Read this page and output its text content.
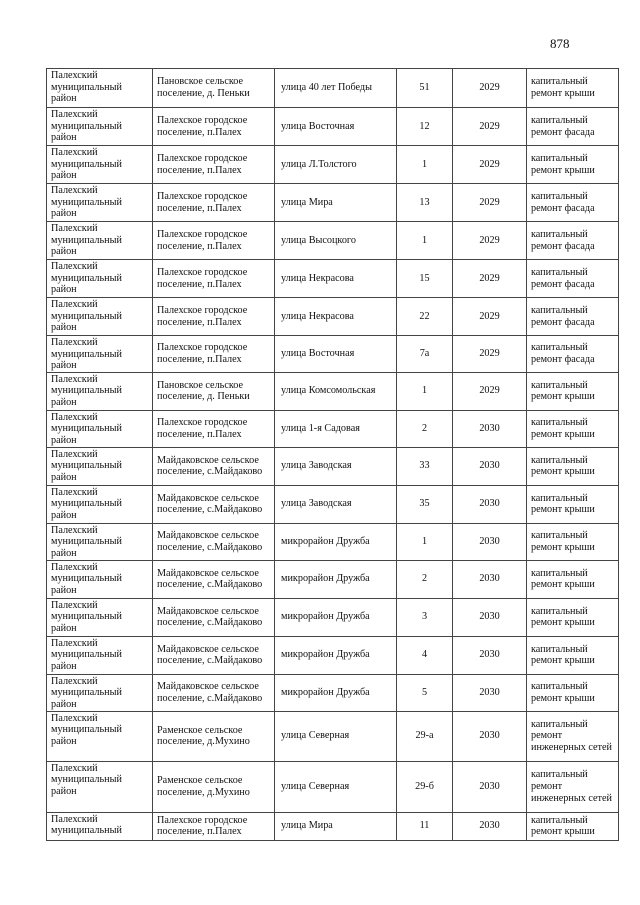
878
Палехский муниципальный район	Пановское сельское поселение, д. Пеньки	улица 40 лет Победы	51	2029	капитальный ремонт крыши
Палехский муниципальный район	Палехское городское поселение, п.Палех	улица Восточная	12	2029	капитальный ремонт фасада
Палехский муниципальный район	Палехское городское поселение, п.Палех	улица Л.Толстого	1	2029	капитальный ремонт крыши
Палехский муниципальный район	Палехское городское поселение, п.Палех	улица Мира	13	2029	капитальный ремонт фасада
Палехский муниципальный район	Палехское городское поселение, п.Палех	улица Высоцкого	1	2029	капитальный ремонт фасада
Палехский муниципальный район	Палехское городское поселение, п.Палех	улица Некрасова	15	2029	капитальный ремонт фасада
Палехский муниципальный район	Палехское городское поселение, п.Палех	улица Некрасова	22	2029	капитальный ремонт фасада
Палехский муниципальный район	Палехское городское поселение, п.Палех	улица Восточная	7а	2029	капитальный ремонт фасада
Палехский муниципальный район	Пановское сельское поселение, д. Пеньки	улица Комсомольская	1	2029	капитальный ремонт крыши
Палехский муниципальный район	Палехское городское поселение, п.Палех	улица 1-я Садовая	2	2030	капитальный ремонт крыши
Палехский муниципальный район	Майдаковское сельское поселение, с.Майдаково	улица Заводская	33	2030	капитальный ремонт крыши
Палехский муниципальный район	Майдаковское сельское поселение, с.Майдаково	улица Заводская	35	2030	капитальный ремонт крыши
Палехский муниципальный район	Майдаковское сельское поселение, с.Майдаково	микрорайон Дружба	1	2030	капитальный ремонт крыши
Палехский муниципальный район	Майдаковское сельское поселение, с.Майдаково	микрорайон Дружба	2	2030	капитальный ремонт крыши
Палехский муниципальный район	Майдаковское сельское поселение, с.Майдаково	микрорайон Дружба	3	2030	капитальный ремонт крыши
Палехский муниципальный район	Майдаковское сельское поселение, с.Майдаково	микрорайон Дружба	4	2030	капитальный ремонт крыши
Палехский муниципальный район	Майдаковское сельское поселение, с.Майдаково	микрорайон Дружба	5	2030	капитальный ремонт крыши
Палехский муниципальный район	Раменское сельское поселение, д.Мухино	улица Северная	29-а	2030	капитальный ремонт инженерных сетей
Палехский муниципальный район	Раменское сельское поселение, д.Мухино	улица Северная	29-б	2030	капитальный ремонт инженерных сетей
Палехский муниципальный	Палехское городское поселение, п.Палех	улица Мира	11	2030	капитальный ремонт крыши
